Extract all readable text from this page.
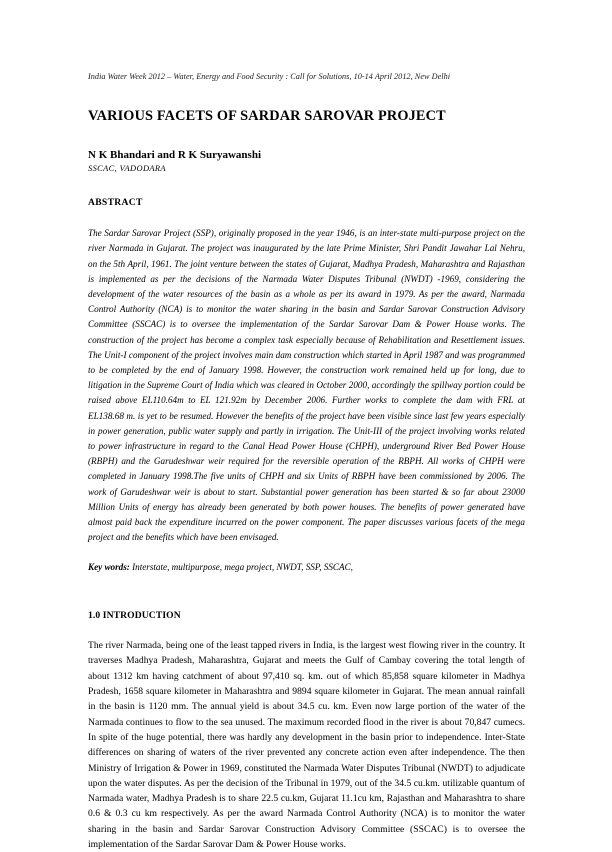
India Water Week 2012 – Water, Energy and Food Security : Call for Solutions, 10-14 April 2012, New Delhi
VARIOUS FACETS OF SARDAR SAROVAR PROJECT
N K Bhandari and R K Suryawanshi
SSCAC, VADODARA
ABSTRACT

The Sardar Sarovar Project (SSP), originally proposed in the year 1946, is an inter-state multi-purpose project on the river Narmada in Gujarat. The project was inaugurated by the late Prime Minister, Shri Pandit Jawahar Lal Nehru, on the 5th April, 1961. The joint venture between the states of Gujarat, Madhya Pradesh, Maharashtra and Rajasthan is implemented as per the decisions of the Narmada Water Disputes Tribunal (NWDT) -1969, considering the development of the water resources of the basin as a whole as per its award in 1979. As per the award, Narmada Control Authority (NCA) is to monitor the water sharing in the basin and Sardar Sarovar Construction Advisory Committee (SSCAC) is to oversee the implementation of the Sardar Sarovar Dam & Power House works. The construction of the project has become a complex task especially because of Rehabilitation and Resettlement issues. The Unit-I component of the project involves main dam construction which started in April 1987 and was programmed to be completed by the end of January 1998. However, the construction work remained held up for long, due to litigation in the Supreme Court of India which was cleared in October 2000, accordingly the spillway portion could be raised above EL110.64m to EL 121.92m by December 2006. Further works to complete the dam with FRL at EL138.68 m. is yet to be resumed. However the benefits of the project have been visible since last few years especially in power generation, public water supply and partly in irrigation. The Unit-III of the project involving works related to power infrastructure in regard to the Canal Head Power House (CHPH), underground River Bed Power House (RBPH) and the Garudeshwar weir required for the reversible operation of the RBPH. All works of CHPH were completed in January 1998.The five units of CHPH and six Units of RBPH have been commissioned by 2006. The work of Garudeshwar weir is about to start. Substantial power generation has been started & so far about 23000 Million Units of energy has already been generated by both power houses. The benefits of power generated have almost paid back the expenditure incurred on the power component. The paper discusses various facets of the mega project and the benefits which have been envisaged.

Key words: Interstate, multipurpose, mega project, NWDT, SSP, SSCAC,
1.0 INTRODUCTION

The river Narmada, being one of the least tapped rivers in India, is the largest west flowing river in the country. It traverses Madhya Pradesh, Maharashtra, Gujarat and meets the Gulf of Cambay covering the total length of about 1312 km having catchment of about 97,410 sq. km. out of which 85,858 square kilometer in Madhya Pradesh, 1658 square kilometer in Maharashtra and 9894 square kilometer in Gujarat. The mean annual rainfall in the basin is 1120 mm. The annual yield is about 34.5 cu. km. Even now large portion of the water of the Narmada continues to flow to the sea unused. The maximum recorded flood in the river is about 70,847 cumecs. In spite of the huge potential, there was hardly any development in the basin prior to independence. Inter-State differences on sharing of waters of the river prevented any concrete action even after independence. The then Ministry of Irrigation & Power in 1969, constituted the Narmada Water Disputes Tribunal (NWDT) to adjudicate upon the water disputes. As per the decision of the Tribunal in 1979, out of the 34.5 cu.km. utilizable quantum of Narmada water, Madhya Pradesh is to share 22.5 cu.km, Gujarat 11.1cu km, Rajasthan and Maharashtra to share 0.6 & 0.3 cu km respectively. As per the award Narmada Control Authority (NCA) is to monitor the water sharing in the basin and Sardar Sarovar Construction Advisory Committee (SSCAC) is to oversee the implementation of the Sardar Sarovar Dam & Power House works.
